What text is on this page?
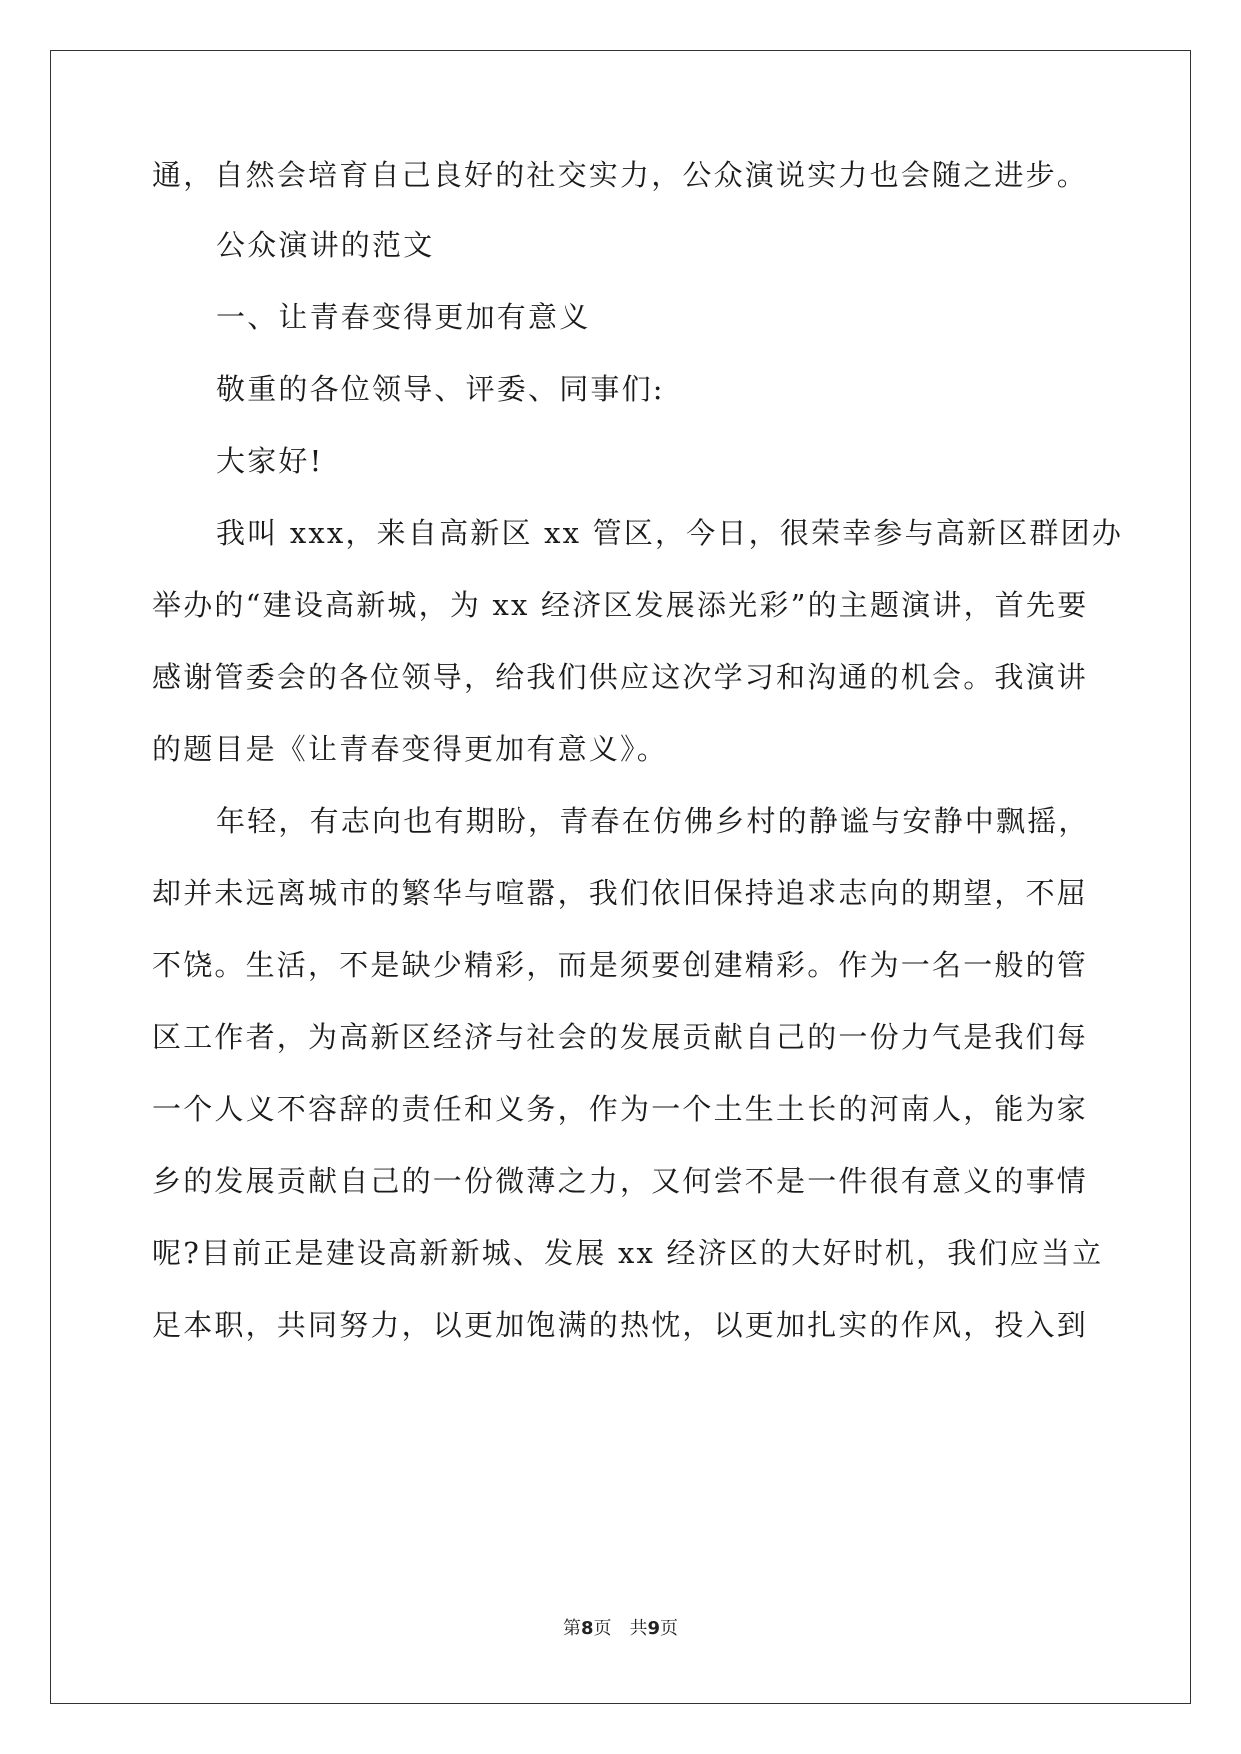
通，自然会培育自己良好的社交实力，公众演说实力也会随之进步。
公众演讲的范文
一、让青春变得更加有意义
敬重的各位领导、评委、同事们:
大家好!
我叫 xxx，来自高新区 xx 管区，今日，很荣幸参与高新区群团办
举办的“建设高新城，为 xx 经济区发展添光彩”的主题演讲，首先要
感谢管委会的各位领导，给我们供应这次学习和沟通的机会。我演讲
的题目是《让青春变得更加有意义》。
年轻，有志向也有期盼，青春在仿佛乡村的静谧与安静中飘摇，
却并未远离城市的繁华与喧嚣，我们依旧保持追求志向的期望，不屈
不饶。生活，不是缺少精彩，而是须要创建精彩。作为一名一般的管
区工作者，为高新区经济与社会的发展贡献自己的一份力气是我们每
一个人义不容辞的责任和义务，作为一个土生土长的河南人，能为家
乡的发展贡献自己的一份微薄之力，又何尝不是一件很有意义的事情
呢?目前正是建设高新新城、发展 xx 经济区的大好时机，我们应当立
足本职，共同努力，以更加饱满的热忱，以更加扎实的作风，投入到
第8页　共9页
